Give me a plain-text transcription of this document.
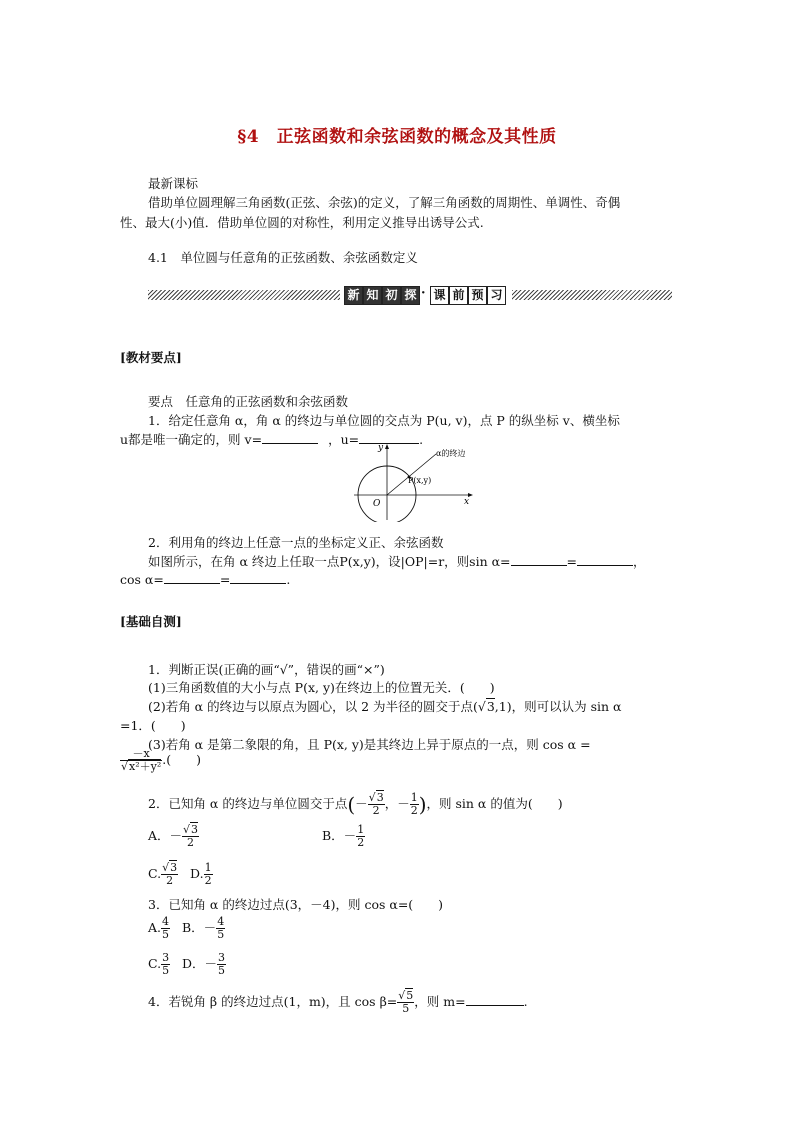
§4　正弦函数和余弦函数的概念及其性质
最新课标
借助单位圆理解三角函数(正弦、余弦)的定义，了解三角函数的周期性、单调性、奇偶
性、最大(小)值．借助单位圆的对称性，利用定义推导出诱导公式.
4.1　单位圆与任意角的正弦函数、余弦函数定义
新 知 初 探 · 课 前 预 习
[教材要点]
要点　任意角的正弦函数和余弦函数
1．给定任意角 α，角 α 的终边与单位圆的交点为 P(u, v)，点 P 的纵坐标 v、横坐标
u都是唯一确定的，则 v=	，u=	.
y
x
O
P(x,y)
α的终边
2．利用角的终边上任意一点的坐标定义正、余弦函数
如图所示，在角 α 终边上任取一点P(x,y)，设|OP|=r，则sin α=	=	，
cos α=	=	.
[基础自测]
1．判断正误(正确的画“√”，错误的画“×”)
(1)三角函数值的大小与点 P(x, y)在终边上的位置无关．(　　)
(2)若角 α 的终边与以原点为圆心，以 2 为半径的圆交于点(√3,1)，则可以认为 sin α
=1．(　　)
(3)若角 α 是第二象限的角，且 P(x, y)是其终边上异于原点的一点，则 cos α =
$\frac{-x}{\text{√x²＋y²}}$ .(　　)
2．已知角 α 的终边与单位圆交于点(－ $\frac{√3}{2}$ ，－ $\frac{1}{2}$ )，则 sin α 的值为(　　)
A．－ $\frac{√3}{2}$	B．－ $\frac{1}{2}$
C. $\frac{√3}{2} D$. $\frac{1}{2}$
3．已知角 α 的终边过点(3，－4)，则 cos α=(　　)
A. $\frac{4}{5}$ B．－ $\frac{4}{5}$
C. $\frac{3}{5}$ D．－ $\frac{3}{5}$
4．若锐角 β 的终边过点(1，m)，且 $\cos \beta= \frac{√5}{5}$ ，则 m=	.
